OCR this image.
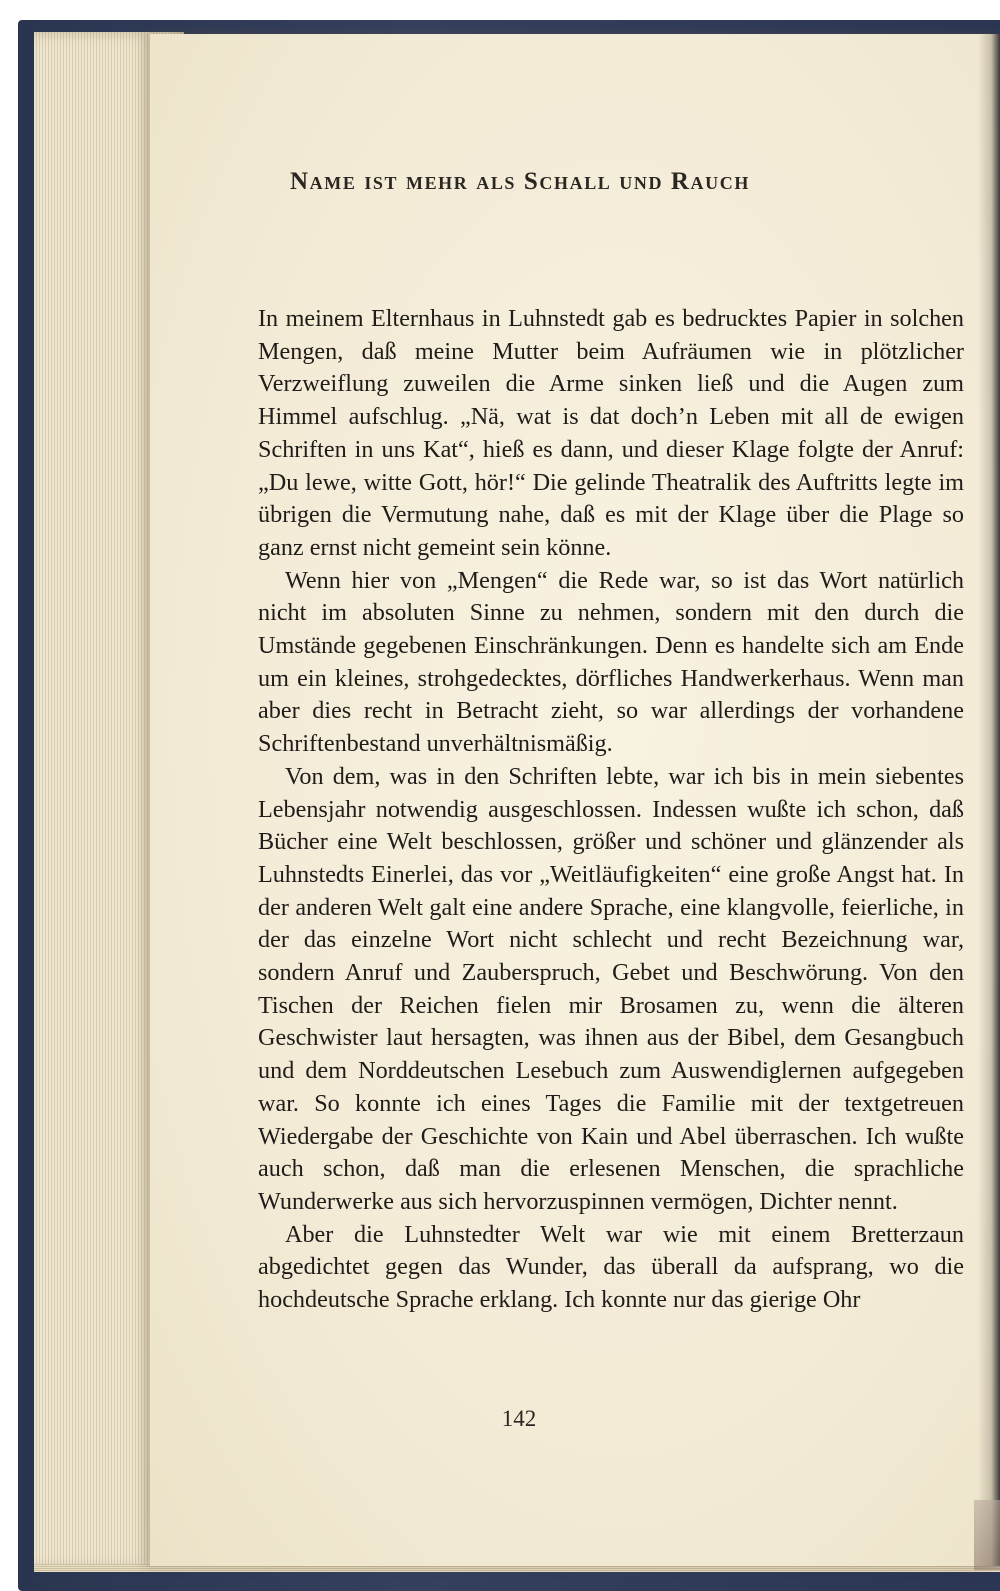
Name ist mehr als Schall und Rauch

In meinem Elternhaus in Luhnstedt gab es bedrucktes Papier in solchen Mengen, daß meine Mutter beim Aufräumen wie in plötzlicher Verzweiflung zuweilen die Arme sinken ließ und die Augen zum Himmel aufschlug. „Nä, wat is dat doch’n Leben mit all de ewigen Schriften in uns Kat“, hieß es dann, und dieser Klage folgte der Anruf: „Du lewe, witte Gott, hör!“ Die gelinde Theatralik des Auftritts legte im übrigen die Vermutung nahe, daß es mit der Klage über die Plage so ganz ernst nicht gemeint sein könne.

Wenn hier von „Mengen“ die Rede war, so ist das Wort natürlich nicht im absoluten Sinne zu nehmen, sondern mit den durch die Umstände gegebenen Einschränkungen. Denn es handelte sich am Ende um ein kleines, strohgedecktes, dörfliches Handwerkerhaus. Wenn man aber dies recht in Betracht zieht, so war allerdings der vorhandene Schriftenbestand unverhältnismäßig.

Von dem, was in den Schriften lebte, war ich bis in mein siebentes Lebensjahr notwendig ausgeschlossen. Indessen wußte ich schon, daß Bücher eine Welt beschlossen, größer und schöner und glänzender als Luhnstedts Einerlei, das vor „Weitläufigkeiten“ eine große Angst hat. In der anderen Welt galt eine andere Sprache, eine klangvolle, feierliche, in der das einzelne Wort nicht schlecht und recht Bezeichnung war, sondern Anruf und Zauberspruch, Gebet und Beschwörung. Von den Tischen der Reichen fielen mir Brosamen zu, wenn die älteren Geschwister laut hersagten, was ihnen aus der Bibel, dem Gesangbuch und dem Norddeutschen Lesebuch zum Auswendiglernen aufgegeben war. So konnte ich eines Tages die Familie mit der textgetreuen Wiedergabe der Geschichte von Kain und Abel überraschen. Ich wußte auch schon, daß man die erlesenen Menschen, die sprachliche Wunderwerke aus sich hervorzuspinnen vermögen, Dichter nennt.

Aber die Luhnstedter Welt war wie mit einem Bretterzaun abgedichtet gegen das Wunder, das überall da aufsprang, wo die hochdeutsche Sprache erklang. Ich konnte nur das gierige Ohr

142
